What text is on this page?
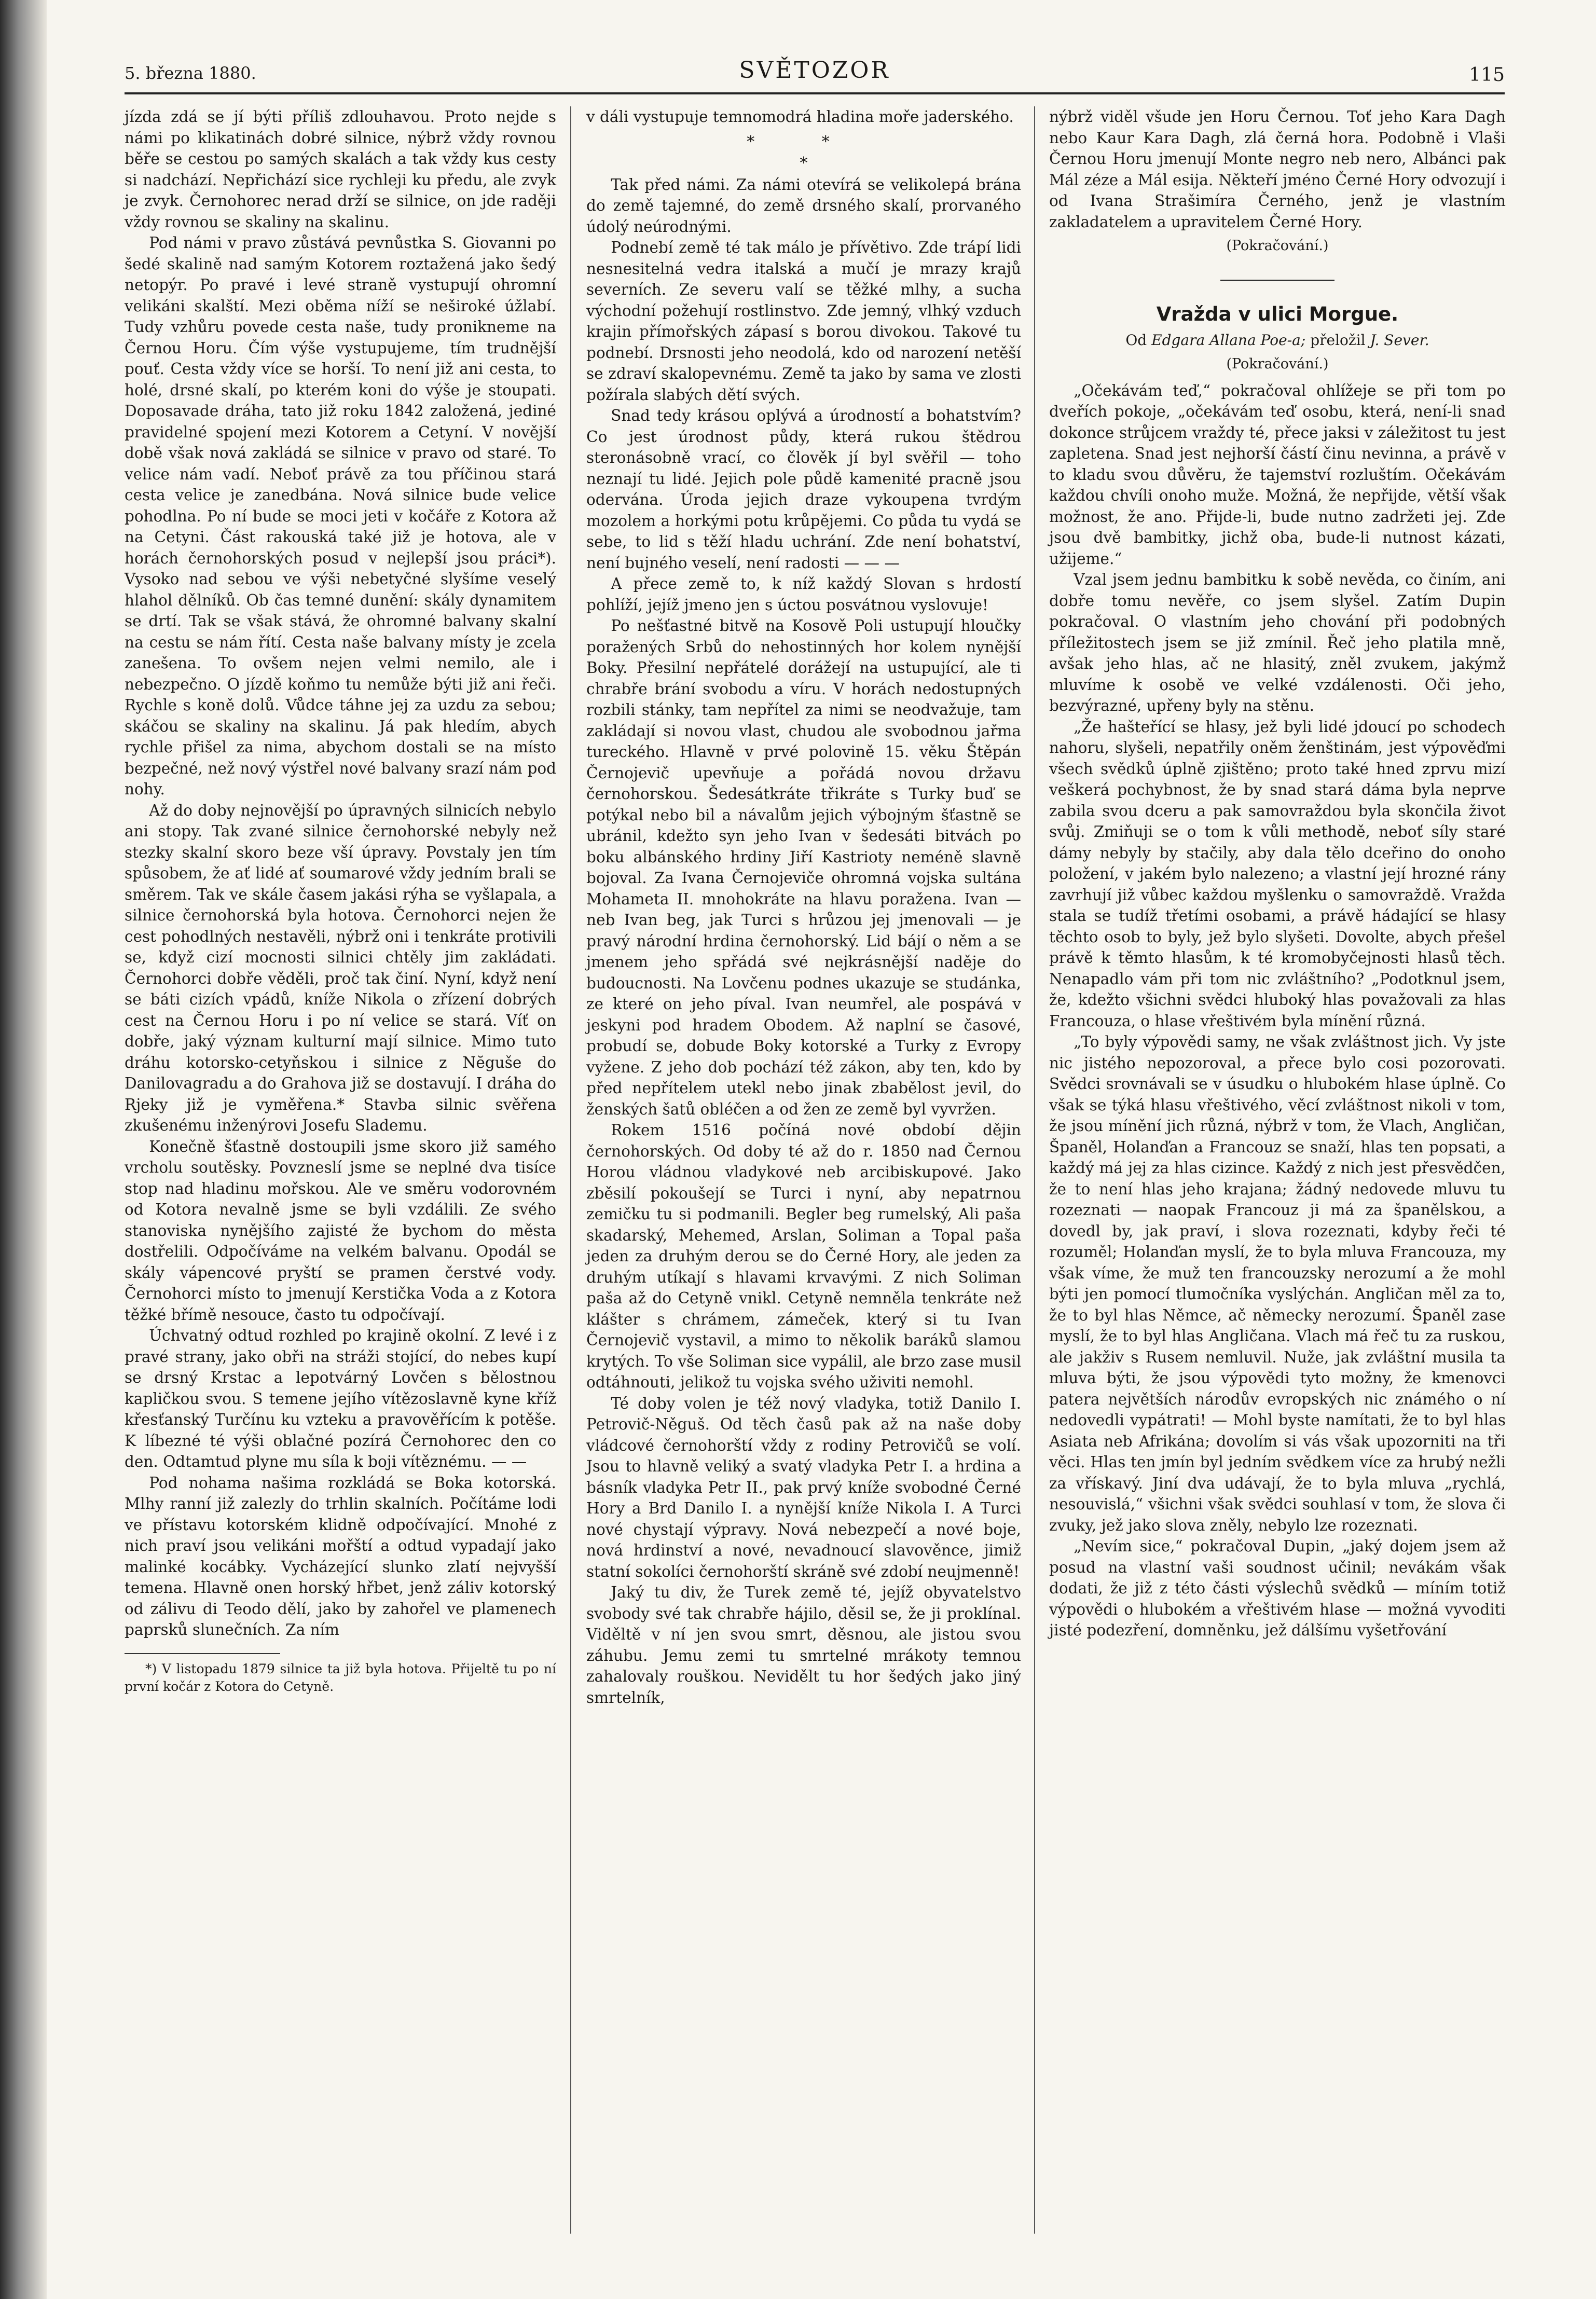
5. března 1880.	SVĚTOZOR	115

jízda zdá se jí býti příliš zdlouhavou. Proto nejde s námi po klikatinách dobré silnice, nýbrž vždy rovnou běře se cestou po samých skalách a tak vždy kus cesty si nadchází. Nepřichází sice rychleji ku předu, ale zvyk je zvyk. Černohorec nerad drží se silnice, on jde raději vždy rovnou se skaliny na skalinu.

Pod námi v pravo zůstává pevnůstka S. Giovanni po šedé skalině nad samým Kotorem roztažená jako šedý netopýr. Po pravé i levé straně vystupují ohromní velikáni skalští. Mezi oběma níží se neširoké úžlabí. Tudy vzhůru povede cesta naše, tudy proniknemе na Černou Horu. Čím výše vystupujeme, tím trudnější pouť. Cesta vždy více se horší. To není již ani cesta, to holé, drsné skalí, po kterém koni do výše je stoupati. Doposavade dráha, tato již roku 1842 založená, jediné pravidelné spojení mezi Kotorem a Cetyní. V novější době však nová zakládá se silnice v pravo od staré. To velice nám vadí. Neboť právě za tou příčinou stará cesta velice je zanedbána. Nová silnice bude velice pohodlna. Po ní bude se moci jeti v kočáře z Kotora až na Cetyni. Část rakouská také již je hotova, ale v horách černohorských posud v nejlepší jsou práci*). Vysoko nad sebou ve výši nebetyčné slyšíme veselý hlahol dělníků. Ob čas temné dunění: skály dynamitem se drtí. Tak se však stává, že ohromné balvany skalní na cestu se nám řítí. Cesta naše balvany místy je zcela zanešena. To ovšem nejen velmi nemilo, ale i nebezpečno. O jízdě koňmo tu nemůže býti již ani řeči. Rychle s koně dolů. Vůdce táhne jej za uzdu za sebou; skáčou se skaliny na skalinu. Já pak hledím, abych rychle přišel za nima, abychom dostali se na místo bezpečné, než nový výstřel nové balvany srazí nám pod nohy.

Až do doby nejnovější po úpravných silnicích nebylo ani stopy. Tak zvané silnice černohorské nebyly než stezky skalní skoro beze vší úpravy. Povstaly jen tím spůsobem, že ať lidé ať soumarové vždy jedním brali se směrem. Tak ve skále časem jakási rýha se vyšlapala, a silnice černohorská byla hotova. Černohorci nejen že cest pohodlných nestavěli, nýbrž oni i tenkráte protivili se, když cizí mocnosti silnici chtěly jim zakládati. Černohorci dobře věděli, proč tak činí. Nyní, když není se báti cizích vpádů, kníže Nikola o zřízení dobrých cest na Černou Horu i po ní velice se stará. Víť on dobře, jaký význam kulturní mají silnice. Mimo tuto dráhu kotorsko-cetyňskou i silnice z Nĕguše do Danilovagradu a do Grahova již se dostavují. I dráha do Rjeky již je vyměřena.* Stavba silnic svěřena zkušenému inženýrovi Josefu Slademu.

Konečně šťastně dostoupili jsme skoro již samého vrcholu soutěsky. Povzneslí jsme se neplné dva tisíce stop nad hladinu mořskou. Ale ve směru vodorovném od Kotora nevalně jsme se byli vzdálili. Ze svého stanoviska nynějšího zajisté že bychom do města dostřelili. Odpočíváme na velkém balvanu. Opodál se skály vápencové pryští se pramen čerstvé vody. Černohorci místo to jmenují Kerstička Voda a z Kotora těžké břímě nesouce, často tu odpočívají.

Úchvatný odtud rozhled po krajině okolní. Z levé i z pravé strany, jako obři na stráži stojící, do nebes kupí se drsný Krstac a lepotvárný Lovčen s bělostnou kapličkou svou. S temene jejího vítězoslavně kyne kříž křesťanský Turčínu ku vzteku a pravověřícím k potěše. K líbezné té výši oblačné pozírá Černohorec den co den. Odtamtud plyne mu síla k boji vítěznému. — —

Pod nohama našima rozkládá se Boka kotorská. Mlhy ranní již zalezly do trhlin skalních. Počítáme lodi ve přístavu kotorském klidně odpočívající. Mnohé z nich praví jsou velikáni mořští a odtud vypadají jako malinké kocábky. Vycházející slunko zlatí nejvyšší temena. Hlavně onen horský hřbet, jenž záliv kotorský od zálivu di Teodo dělí, jako by zahořel ve plamenech paprsků slunečních. Za ním

*) V listopadu 1879 silnice ta již byla hotova. Přijeltě tu po ní první kočár z Kotora do Cetyně.

v dáli vystupuje temnomodrá hladina moře jaderského.

* *
*

Tak před námi. Za námi otevírá se velikolepá brána do země tajemné, do země drsného skalí, prorvaného údolý neúrodnými.

Podnebí země té tak málo je přívětivo. Zde trápí lidi nesnesitelná vedra italská a mučí je mrazy krajů severních. Ze severu valí se těžké mlhy, a sucha východní požehují rostlinstvo. Zde jemný, vlhký vzduch krajin přímořských zápasí s borou divokou. Takové tu podnebí. Drsnosti jeho neodolá, kdo od narození netěší se zdraví skalopevnému. Země ta jako by sama ve zlosti požírala slabých dětí svých.

Snad tedy krásou oplývá a úrodností a bohatstvím? Co jest úrodnost půdy, která rukou štědrou steronásobně vrací, co člověk jí byl svěřil — toho neznají tu lidé. Jejich pole půdě kamenité pracně jsou odervána. Úroda jejich draze vykoupena tvrdým mozolem a horkými potu krůpějemi. Co půda tu vydá se sebe, to lid s těží hladu uchrání. Zde není bohatství, není bujného veselí, není radosti — — —

A přece země to, k níž každý Slovan s hrdostí pohlíží, jejíž jmeno jen s úctou posvátnou vyslovuje!

Po nešťastné bitvě na Kosově Poli ustupují hloučky poražených Srbů do nehostinných hor kolem nynější Boky. Přesilní nepřátelé dorážejí na ustupující, ale ti chrabře brání svobodu a víru. V horách nedostupných rozbili stánky, tam nepřítel za nimi se neodvažuje, tam zakládají si novou vlast, chudou ale svobodnou jařma tureckého. Hlavně v prvé polovině 15. věku Štěpán Černojevič upevňuje a pořádá novou državu černohorskou. Šedesátkráte třikráte s Turky buď se potýkal nebo bil a návalům jejich výbojným šťastně se ubránil, kdežto syn jeho Ivan v šedesáti bitvách po boku albánského hrdiny Jiří Kastrioty neméně slavně bojoval. Za Ivana Černojeviče ohromná vojska sultána Mohameta II. mnohokráte na hlavu poražena. Ivan — neb Ivan beg, jak Turci s hrůzou jej jmenovali — je pravý národní hrdina černohorský. Lid bájí o něm a se jmenem jeho spřádá své nejkrásnější naděje do budoucnosti. Na Lovčenu podnes ukazuje se studánka, ze které on jeho píval. Ivan neumřel, ale pospává v jeskyni pod hradem Obodem. Až naplní se časové, probudí se, dobude Boky kotorské a Turky z Evropy vyžene. Z jeho dob pochází též zákon, aby ten, kdo by před nepřítelem utekl nebo jinak zbabělost jevil, do ženských šatů obléčen a od žen ze země byl vyvržen.

Rokem 1516 počíná nové období dějin černohorských. Od doby té až do r. 1850 nad Černou Horou vládnou vladykové neb arcibiskupové. Jako zběsilí pokoušejí se Turci i nyní, aby nepatrnou zemičku tu si podmanili. Begler beg rumelský, Ali paša skadarský, Mehemed, Arslan, Soliman a Topal paša jeden za druhým derou se do Černé Hory, ale jeden za druhým utíkají s hlavami krvavými. Z nich Soliman paša až do Cetyně vnikl. Cetyně nemněla tenkráte než klášter s chrámem, zámeček, který si tu Ivan Černojevič vystavil, a mimo to několik baráků slamou krytých. To vše Soliman sice vypálil, ale brzo zase musil odtáhnouti, jelikož tu vojska svého uživiti nemohl.

Té doby volen je též nový vladyka, totiž Danilo I. Petrovič-Něguš. Od těch časů pak až na naše doby vládcové černohorští vždy z rodiny Petrovičů se volí. Jsou to hlavně veliký a svatý vladyka Petr I. a hrdina a básník vladyka Petr II., pak prvý kníže svobodné Černé Hory a Brd Danilo I. a nynější kníže Nikola I. A Turci nové chystají výpravy. Nová nebezpečí a nové boje, nová hrdinství a nové, nevadnoucí slavověnce, jimiž statní sokolíci černohorští skráně své zdobí neujmenně!

Jaký tu div, že Turek země té, jejíž obyvatelstvo svobody své tak chrabře hájilo, děsil se, že ji proklínal. Viděltě v ní jen svou smrt, děsnou, ale jistou svou záhubu. Jemu zemi tu smrtelné mrákoty temnou zahalovaly rouškou. Nevidělt tu hor šedých jako jiný smrtelník,

nýbrž viděl všude jen Horu Černou. Toť jeho Kara Dagh nebo Kaur Kara Dagh, zlá černá hora. Podobně i Vlaši Černou Horu jmenují Monte negro neb nero, Albánci pak Mál zéze a Mál esija. Někteří jméno Černé Hory odvozují i od Ivana Strašimíra Černého, jenž je vlastním zakladatelem a upravitelem Černé Hory.

(Pokračování.)
Vražda v ulici Morgue.
Od Edgara Allana Poe-a; přeložil J. Sever.
(Pokračování.)

„Očekávám teď,“ pokračoval ohlížeje se při tom po dveřích pokoje, „očekávám teď osobu, která, není-li snad dokonce strůjcem vraždy té, přece jaksi v záležitost tu jest zapletena. Snad jest nejhorší částí činu nevinna, a právě v to kladu svou důvěru, že tajemství rozluštím. Očekávám každou chvíli onoho muže. Možná, že nepřijde, větší však možnost, že ano. Přijde-li, bude nutno zadržeti jej. Zde jsou dvě bambitky, jichž oba, bude-li nutnost kázati, užijeme.“

Vzal jsem jednu bambitku k sobě nevěda, co činím, ani dobře tomu nevěře, co jsem slyšel. Zatím Dupin pokračoval. O vlastním jeho chování při podobných příležitostech jsem se již zmínil. Řeč jeho platila mně, avšak jeho hlas, ač ne hlasitý, zněl zvukem, jakýmž mluvíme k osobě ve velké vzdálenosti. Oči jeho, bezvýrazné, upřeny byly na stěnu.

„Že hašteřící se hlasy, jež byli lidé jdoucí po schodech nahoru, slyšeli, nepatřily oněm ženštinám, jest výpověďmi všech svědků úplně zjištěno; proto také hned zprvu mizí veškerá pochybnost, že by snad stará dáma byla neprve zabila svou dceru a pak samovraždou byla skončila život svůj. Zmiňuji se o tom k vůli methodě, neboť síly staré dámy nebyly by stačily, aby dala tělo dceřino do onoho položení, v jakém bylo nalezeno; a vlastní její hrozné rány zavrhují již vůbec každou myšlenku o samovraždě. Vražda stala se tudíž třetími osobami, a právě hádající se hlasy těchto osob to byly, jež bylo slyšeti. Dovolte, abych přešel právě k těmto hlasům, k té kromobyčejnosti hlasů těch. Nenapadlo vám při tom nic zvláštního? „Podotknul jsem, že, kdežto všichni svědci hluboký hlas považovali za hlas Francouza, o hlase vřeštivém byla mínění různá.

„To byly výpovědi samy, ne však zvláštnost jich. Vy jste nic jistého nepozoroval, a přece bylo cosi pozorovati. Svědci srovnávali se v úsudku o hlubokém hlase úplně. Co však se týká hlasu vřeštivého, věcí zvláštnost nikoli v tom, že jsou mínění jich různá, nýbrž v tom, že Vlach, Angličan, Španěl, Holanďan a Francouz se snaží, hlas ten popsati, a každý má jej za hlas cizince. Každý z nich jest přesvědčen, že to není hlas jeho krajana; žádný nedovede mluvu tu rozeznati — naopak Francouz ji má za španělskou, a dovedl by, jak praví, i slova rozeznati, kdyby řeči té rozuměl; Holanďan myslí, že to byla mluva Francouza, my však víme, že muž ten francouzsky nerozumí a že mohl býti jen pomocí tlumočníka vyslýchán. Angličan měl za to, že to byl hlas Němce, ač německy nerozumí. Španěl zase myslí, že to byl hlas Angličana. Vlach má řeč tu za ruskou, ale jakživ s Rusem nemluvil. Nuže, jak zvláštní musila ta mluva býti, že jsou výpovědi tyto možny, že kmenovci patera největších národův evropských nic známého o ní nedovedli vypátrati! — Mohl byste namítati, že to byl hlas Asiata neb Afrikána; dovolím si vás však upozorniti na tři věci. Hlas ten jmín byl jedním svědkem více za hrubý nežli za vřískavý. Jiní dva udávají, že to byla mluva „rychlá, nesouvislá,“ všichni však svědci souhlasí v tom, že slova či zvuky, jež jako slova zněly, nebylo lze rozeznati.

„Nevím sice,“ pokračoval Dupin, „jaký dojem jsem až posud na vlastní vaši soudnost učinil; nevákám však dodati, že již z této části výslechů svědků — míním totiž výpovědi o hlubokém a vřeštivém hlase — možná vyvoditi jisté podezření, domněnku, jež dálšímu vyšetřování
